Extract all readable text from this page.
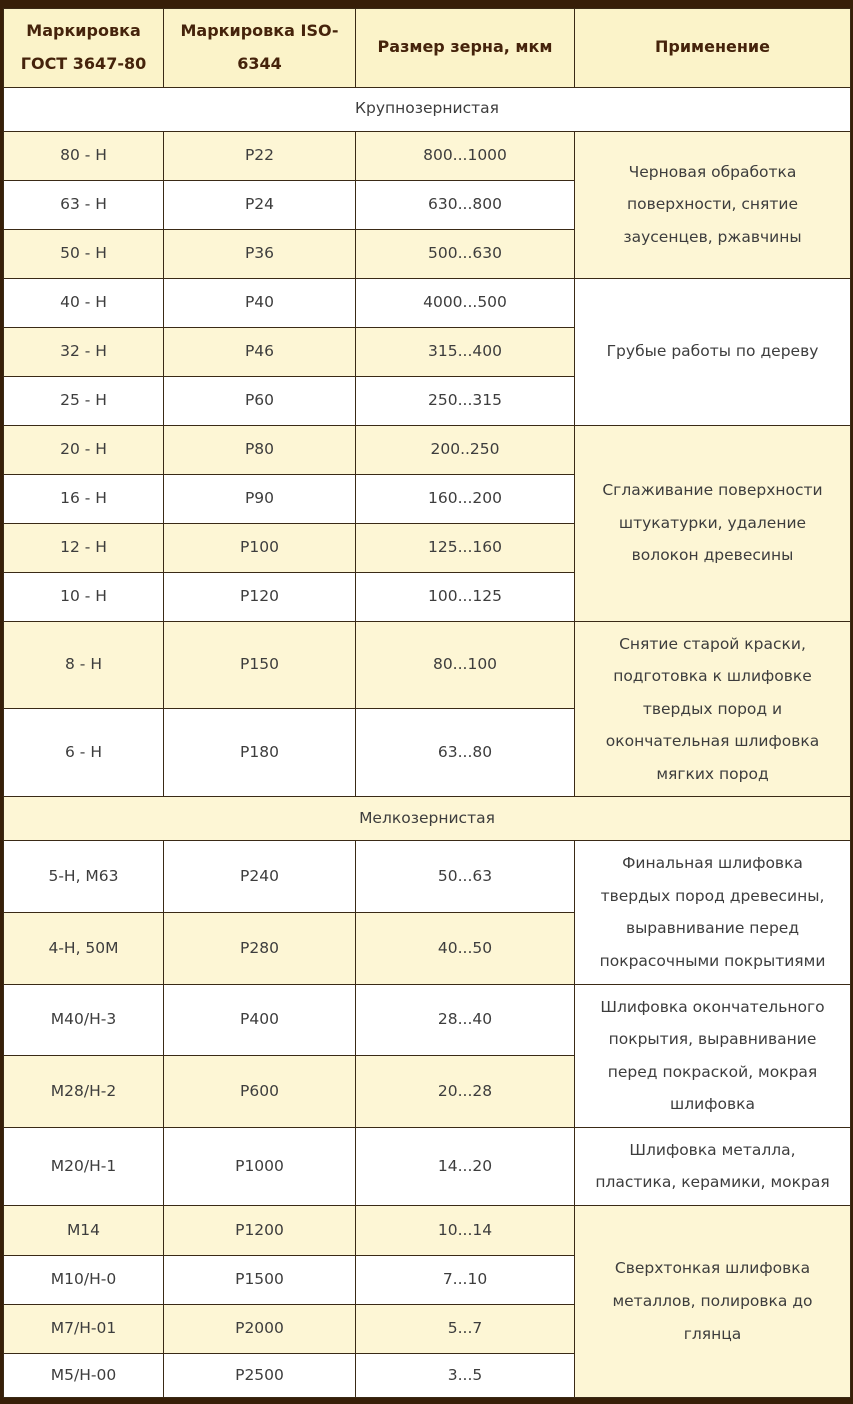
Маркировка ГОСТ 3647-80	Маркировка ISO-6344	Размер зерна, мкм	Применение
Крупнозернистая			
80 - Н	Р22	800...1000	Черновая обработка поверхности, снятие заусенцев, ржавчины
63 - Н	Р24	630...800	
50 - Н	Р36	500...630	
40 - Н	Р40	4000...500	Грубые работы по дереву
32 - Н	Р46	315...400	
25 - Н	Р60	250...315	
20 - Н	Р80	200..250	Сглаживание поверхности штукатурки, удаление волокон древесины
16 - Н	Р90	160...200	
12 - Н	Р100	125...160	
10 - Н	Р120	100...125	
8 - Н	Р150	80...100	Снятие старой краски, подготовка к шлифовке твердых пород и окончательная шлифовка мягких пород
6 - Н	Р180	63...80	
Мелкозернистая			
5-Н, М63	Р240	50...63	Финальная шлифовка твердых пород древесины, выравнивание перед покрасочными покрытиями
4-Н, 50М	Р280	40...50	
М40/Н-3	Р400	28...40	Шлифовка окончательного покрытия, выравнивание перед покраской, мокрая шлифовка
М28/Н-2	Р600	20...28	
М20/Н-1	Р1000	14...20	Шлифовка металла, пластика, керамики, мокрая
М14	Р1200	10...14	Сверхтонкая шлифовка металлов, полировка до глянца
М10/Н-0	Р1500	7...10	
М7/Н-01	Р2000	5...7	
М5/Н-00	Р2500	3...5	
